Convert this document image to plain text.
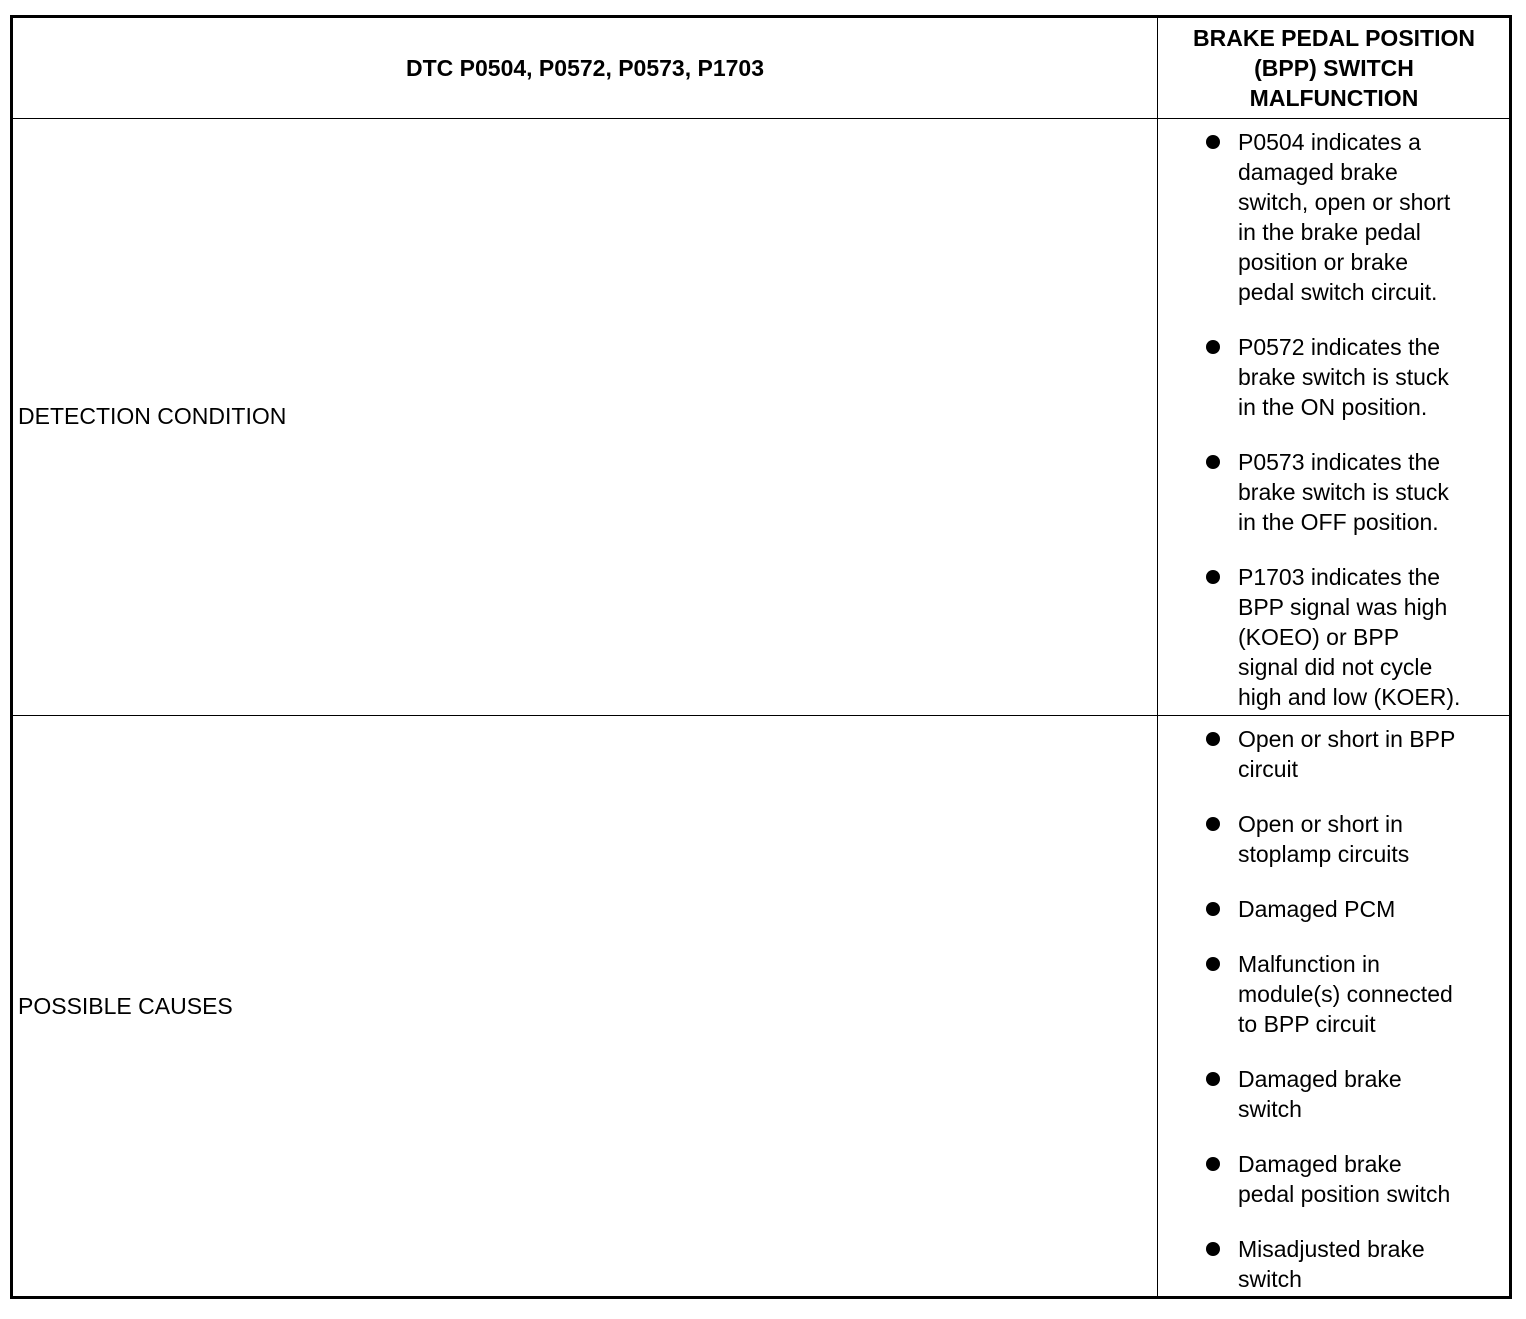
DTC P0504, P0572, P0573, P1703
BRAKE PEDAL POSITION
(BPP) SWITCH
MALFUNCTION
DETECTION CONDITION
P0504 indicates a
damaged brake
switch, open or short
in the brake pedal
position or brake
pedal switch circuit.
P0572 indicates the
brake switch is stuck
in the ON position.
P0573 indicates the
brake switch is stuck
in the OFF position.
P1703 indicates the
BPP signal was high
(KOEO) or BPP
signal did not cycle
high and low (KOER).
POSSIBLE CAUSES
Open or short in BPP
circuit
Open or short in
stoplamp circuits
Damaged PCM
Malfunction in
module(s) connected
to BPP circuit
Damaged brake
switch
Damaged brake
pedal position switch
Misadjusted brake
switch
